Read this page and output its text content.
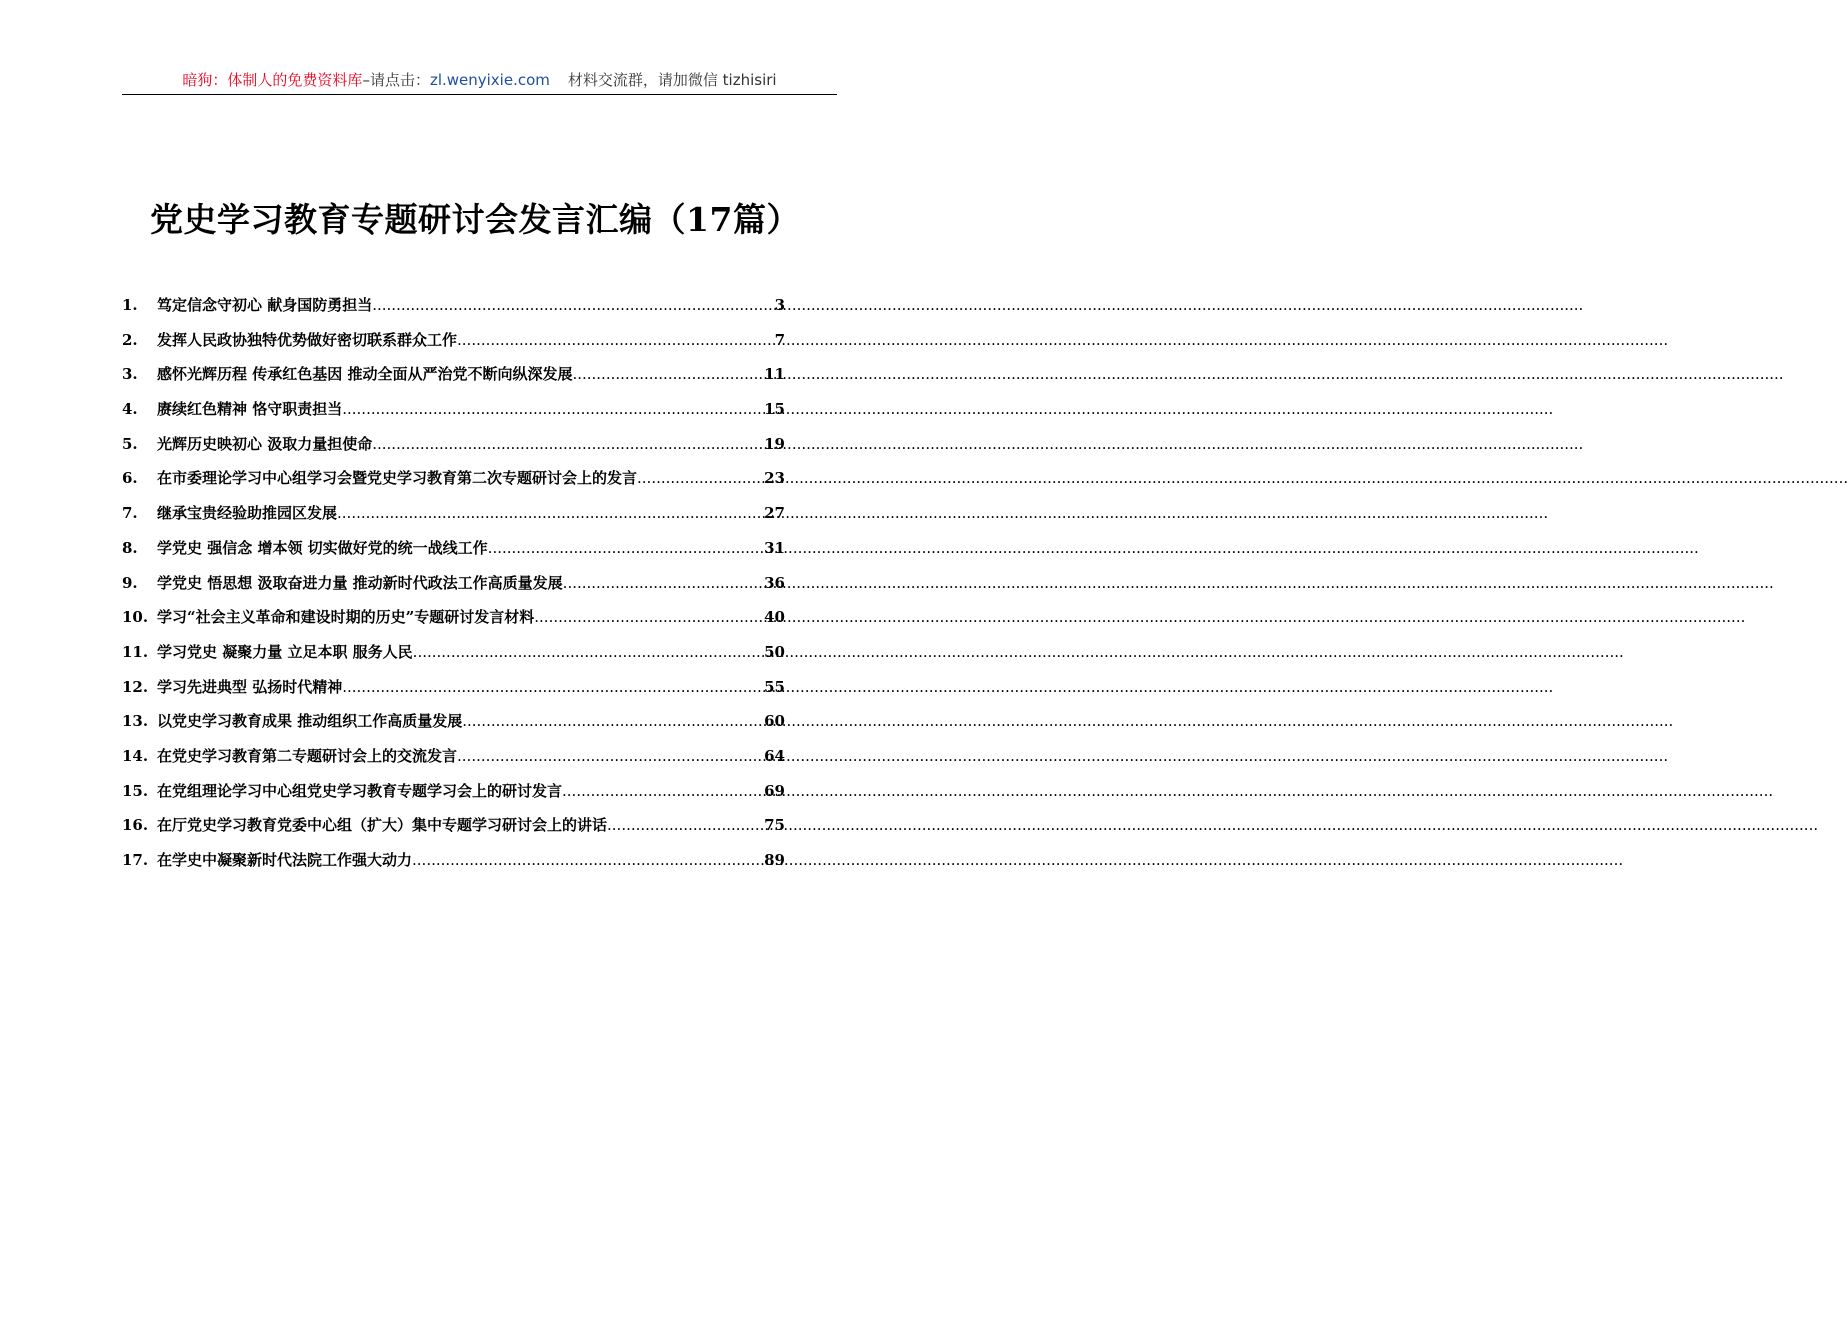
暗狗：体制人的免费资料库–请点击：zl.wenyixie.com 材料交流群，请加微信 tizhisiri
党史学习教育专题研讨会发言汇编（17篇）
1.	笃定信念守初心 献身国防勇担当 .....	3
2.	发挥人民政协独特优势做好密切联系群众工作 .....	7
3.	感怀光辉历程 传承红色基因 推动全面从严治党不断向纵深发展 .....	11
4.	赓续红色精神 恪守职责担当 .....	15
5.	光辉历史映初心 汲取力量担使命 .....	19
6.	在市委理论学习中心组学习会暨党史学习教育第二次专题研讨会上的发言 .....	23
7.	继承宝贵经验助推园区发展 .....	27
8.	学党史 强信念 增本领 切实做好党的统一战线工作 .....	31
9.	学党史 悟思想 汲取奋进力量 推动新时代政法工作高质量发展 .....	36
10. 学习“社会主义革命和建设时期的历史”专题研讨发言材料 .....	40
11. 学习党史 凝聚力量 立足本职 服务人民 .....	50
12. 学习先进典型 弘扬时代精神 .....	55
13. 以党史学习教育成果 推动组织工作高质量发展 .....	60
14. 在党史学习教育第二专题研讨会上的交流发言 .....	64
15. 在党组理论学习中心组党史学习教育专题学习会上的研讨发言 .....	69
16. 在厅党史学习教育党委中心组（扩大）集中专题学习研讨会上的讲话 .....	75
17. 在学史中凝聚新时代法院工作强大动力 .....	89
